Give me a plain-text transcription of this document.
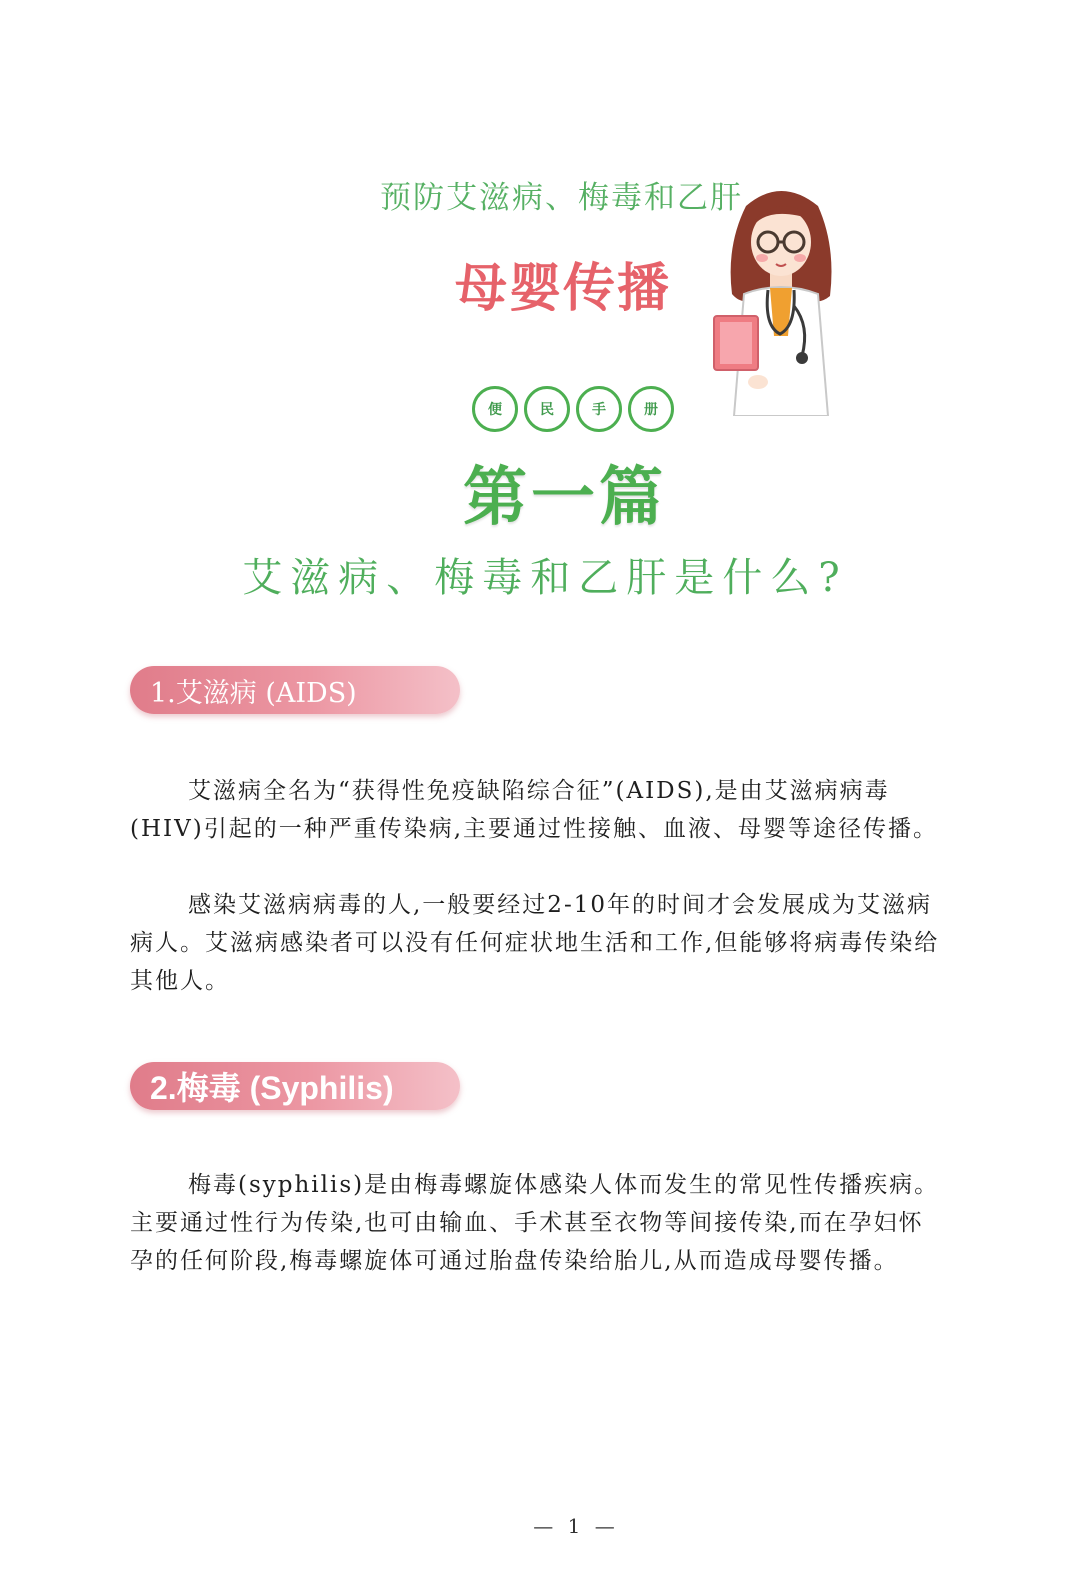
预防艾滋病、梅毒和乙肝
母婴传播
便	民	手	册
第一篇
艾滋病、梅毒和乙肝是什么?
1.艾滋病 (AIDS)

艾滋病全名为“获得性免疫缺陷综合征”(AIDS),是由艾滋病病毒(HIV)引起的一种严重传染病,主要通过性接触、血液、母婴等途径传播。

感染艾滋病病毒的人,一般要经过2-10年的时间才会发展成为艾滋病病人。艾滋病感染者可以没有任何症状地生活和工作,但能够将病毒传染给其他人。

2.梅毒 (Syphilis)

梅毒(syphilis)是由梅毒螺旋体感染人体而发生的常见性传播疾病。主要通过性行为传染,也可由输血、手术甚至衣物等间接传染,而在孕妇怀孕的任何阶段,梅毒螺旋体可通过胎盘传染给胎儿,从而造成母婴传播。

— 1 —
